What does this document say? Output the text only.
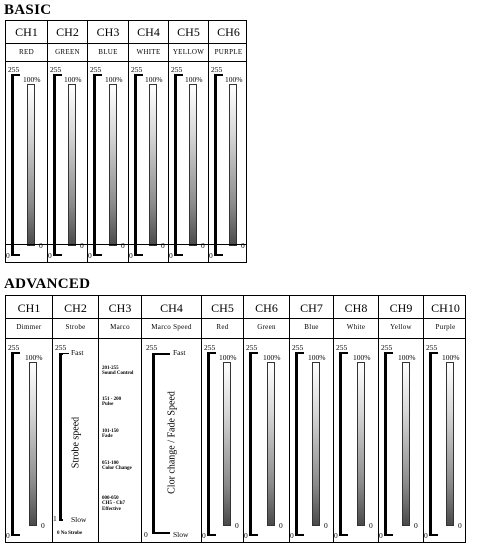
BASIC
CH1
RED
255
0
100%
0
CH2
GREEN
255
0
100%
0
CH3
BLUE
255
0
100%
0
CH4
WHITE
255
0
100%
0
CH5
YELLOW
255
0
100%
0
CH6
PURPLE
255
0
100%
0
ADVANCED
CH1
Dimmer
255
0
100%
0
CH2
Strobe
255
Fast
Strobe speed
Slow
1
0 No Strobe
CH3
Marco
201-255
Sound Control
151 - 200
Pulse
101-150
Fade
051-100
Color Change
000-050
CH5 - Ch7 Effective
CH4
Marco Speed
255
Fast
Clor change / Fade Speed
Slow
0
CH5
Red
255
0
100%
0
CH6
Green
255
0
100%
0
CH7
Blue
255
0
100%
0
CH8
White
255
0
100%
0
CH9
Yellow
255
0
100%
0
CH10
Purple
255
0
100%
0
